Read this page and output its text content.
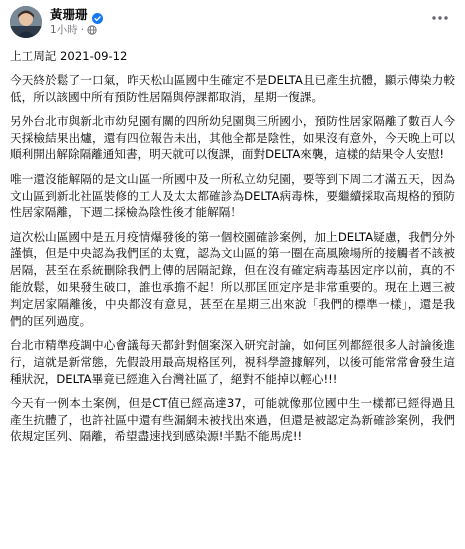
黃珊珊
1小時 ·

上工周記 2021-09-12

今天終於鬆了一口氣，昨天松山區國中生確定不是DELTA且已產生抗體，顯示傳染力較低，所以該國中所有預防性居隔與停課都取消，星期一復課。

另外台北市與新北市幼兒園有關的四所幼兒園與三所國小，預防性居家隔離了數百人今天採檢結果出爐，還有四位報告未出，其他全都是陰性，如果沒有意外，今天晚上可以順利開出解除隔離通知書，明天就可以復課，面對DELTA來襲，這樣的結果令人安慰!

唯一還沒能解隔的是文山區一所國中及一所私立幼兒園，要等到下周二才滿五天，因為文山區到新北社區裝修的工人及太太都確診為DELTA病毒株，要繼續採取高規格的預防性居家隔離，下週二採檢為陰性後才能解隔！

這次松山區國中是五月疫情爆發後的第一個校園確診案例，加上DELTA疑慮，我們分外謹慎，但是中央認為我們匡的太寬，認為文山區的第一圈在高風險場所的接觸者不該被居隔，甚至在系統刪除我們上傳的居隔記錄，但在沒有確定病毒基因定序以前，真的不能放鬆，如果發生破口，誰也承擔不起！所以那匡匝定序是非常重要的。現在上週三被判定居家隔離後，中央都沒有意見，甚至在星期三出來說「我們的標準一樣」，還是我們的匡列過度。

台北市精準疫調中心會議每天都針對個案深入研究討論，如何匡列都經很多人討論後進行，這就是新常態，先假設用最高規格匡列，視科學證據解列，以後可能常常會發生這種狀況，DELTA畢竟已經進入台灣社區了，絕對不能掉以輕心!!!

今天有一例本土案例，但是CT值已經高達37，可能就像那位國中生一樣都已經得過且產生抗體了，也許社區中還有些漏網未被找出來過，但還是被認定為新確診案例，我們依規定匡列、隔離，希望盡速找到感染源!半點不能馬虎!!
